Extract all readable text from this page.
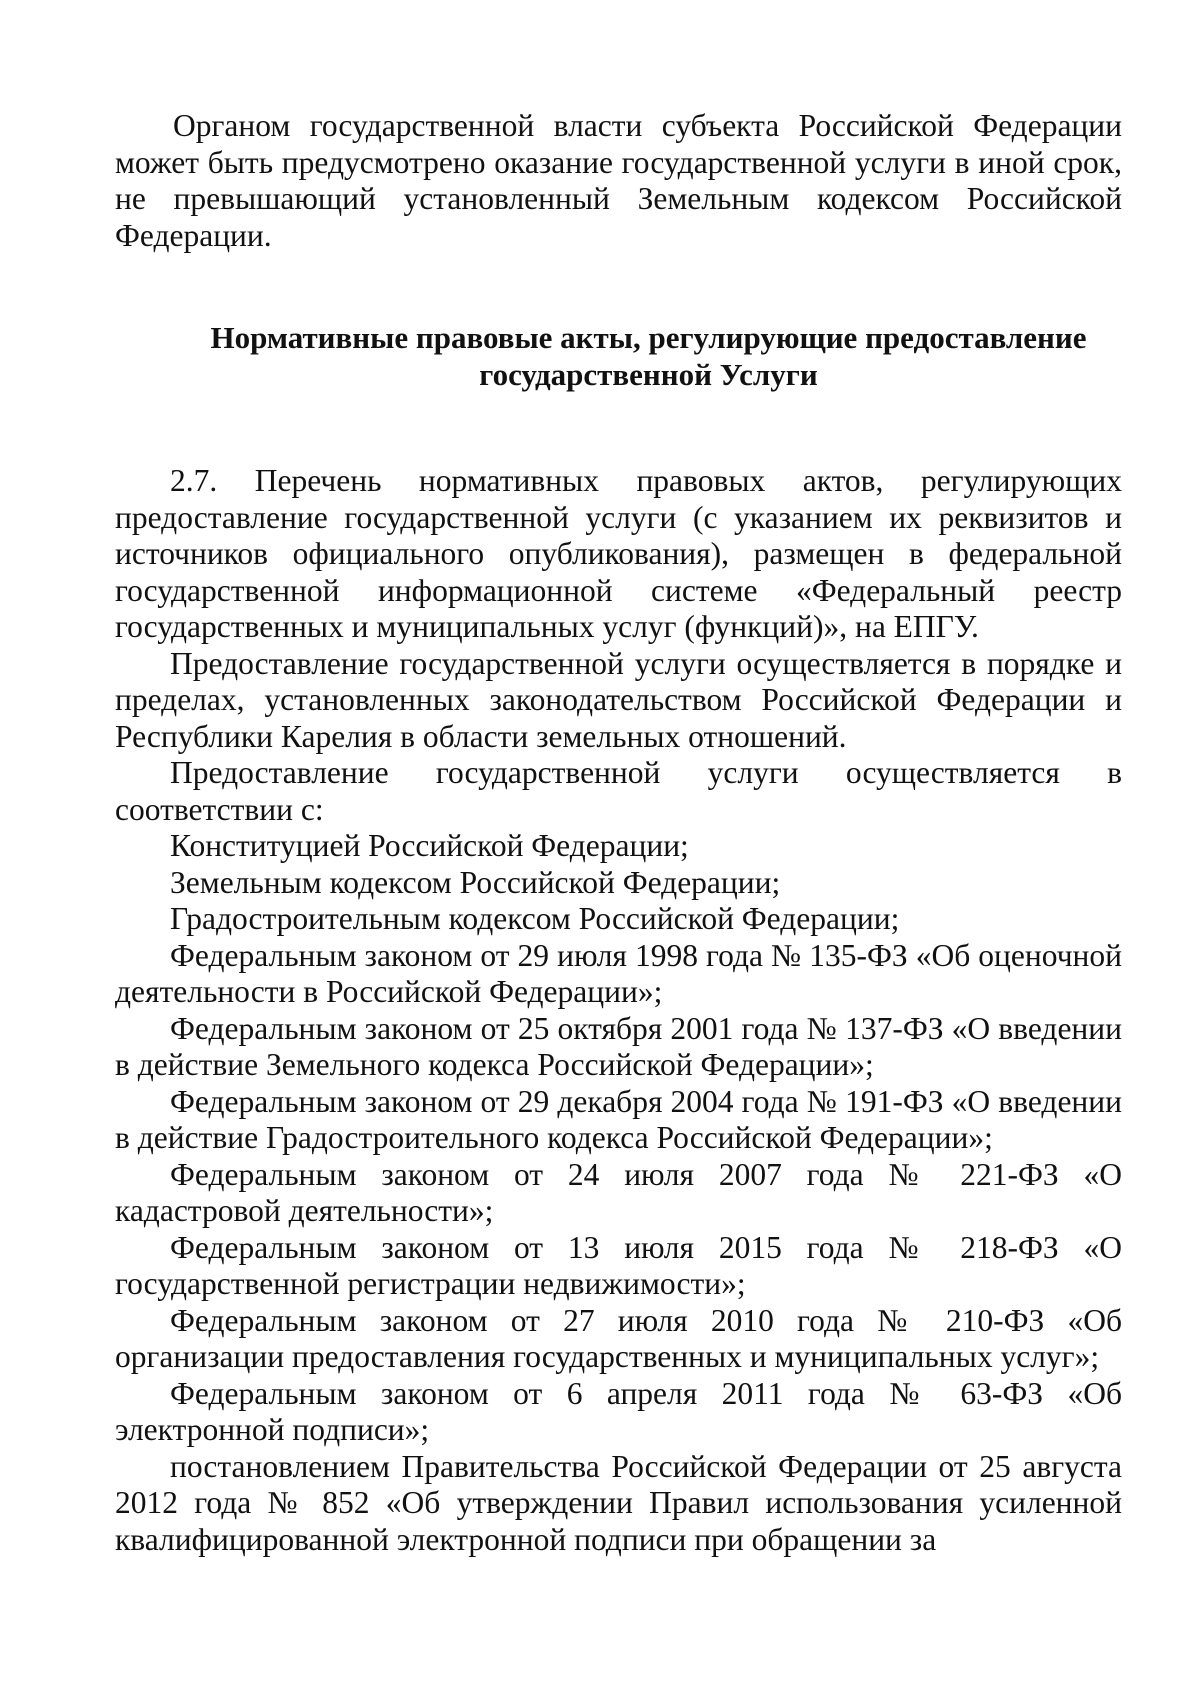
Органом государственной власти субъекта Российской Федерации может быть предусмотрено оказание государственной услуги в иной срок, не превышающий установленный Земельным кодексом Российской Федерации.

Нормативные правовые акты, регулирующие предоставление
государственной Услуги

2.7. Перечень нормативных правовых актов, регулирующих предоставление государственной услуги (с указанием их реквизитов и источников официального опубликования), размещен в федеральной государственной информационной системе «Федеральный реестр государственных и муниципальных услуг (функций)», на ЕПГУ.

Предоставление государственной услуги осуществляется в порядке и пределах, установленных законодательством Российской Федерации и Республики Карелия в области земельных отношений.

Предоставление государственной услуги осуществляется в соответствии с:

Конституцией Российской Федерации;

Земельным кодексом Российской Федерации;

Градостроительным кодексом Российской Федерации;

Федеральным законом от 29 июля 1998 года № 135-ФЗ «Об оценочной деятельности в Российской Федерации»;

Федеральным законом от 25 октября 2001 года № 137-ФЗ «О введении в действие Земельного кодекса Российской Федерации»;

Федеральным законом от 29 декабря 2004 года № 191-ФЗ «О введении в действие Градостроительного кодекса Российской Федерации»;

Федеральным законом от 24 июля 2007 года № 221-ФЗ «О кадастровой деятельности»;

Федеральным законом от 13 июля 2015 года № 218-ФЗ «О государственной регистрации недвижимости»;

Федеральным законом от 27 июля 2010 года № 210-ФЗ «Об организации предоставления государственных и муниципальных услуг»;

Федеральным законом от 6 апреля 2011 года № 63-ФЗ «Об электронной подписи»;

постановлением Правительства Российской Федерации от 25 августа 2012 года № 852 «Об утверждении Правил использования усиленной квалифицированной электронной подписи при обращении за
